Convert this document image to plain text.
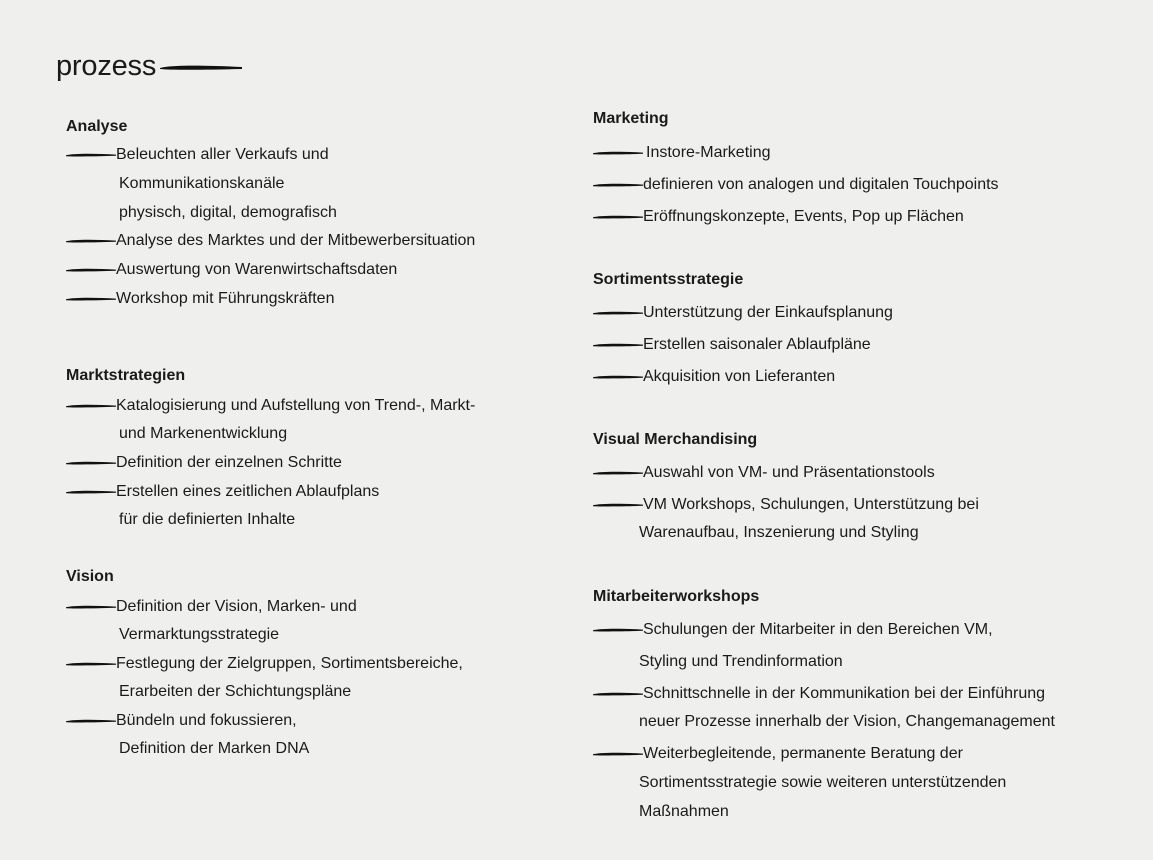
prozess
Analyse
Beleuchten aller Verkaufs und
Kommunikationskanäle
physisch, digital, demografisch
Analyse des Marktes und der Mitbewerbersituation
Auswertung von Warenwirtschaftsdaten
Workshop mit Führungskräften
Marktstrategien
Katalogisierung und Aufstellung von Trend-, Markt-
und Markenentwicklung
Definition der einzelnen Schritte
Erstellen eines zeitlichen Ablaufplans
für die definierten Inhalte
Vision
Definition der Vision, Marken- und
Vermarktungsstrategie
Festlegung der Zielgruppen, Sortimentsbereiche,
Erarbeiten der Schichtungspläne
Bündeln und fokussieren,
Definition der Marken DNA
Marketing
Instore-Marketing
definieren von analogen und digitalen Touchpoints
Eröffnungskonzepte, Events, Pop up Flächen
Sortimentsstrategie
Unterstützung der Einkaufsplanung
Erstellen saisonaler Ablaufpläne
Akquisition von Lieferanten
Visual Merchandising
Auswahl von VM- und Präsentationstools
VM Workshops, Schulungen, Unterstützung bei
Warenaufbau, Inszenierung und Styling
Mitarbeiterworkshops
Schulungen der Mitarbeiter in den Bereichen VM,
Styling und Trendinformation
Schnittschnelle in der Kommunikation bei der Einführung
neuer Prozesse innerhalb der Vision, Changemanagement
Weiterbegleitende, permanente Beratung der
Sortimentsstrategie sowie weiteren unterstützenden
Maßnahmen
